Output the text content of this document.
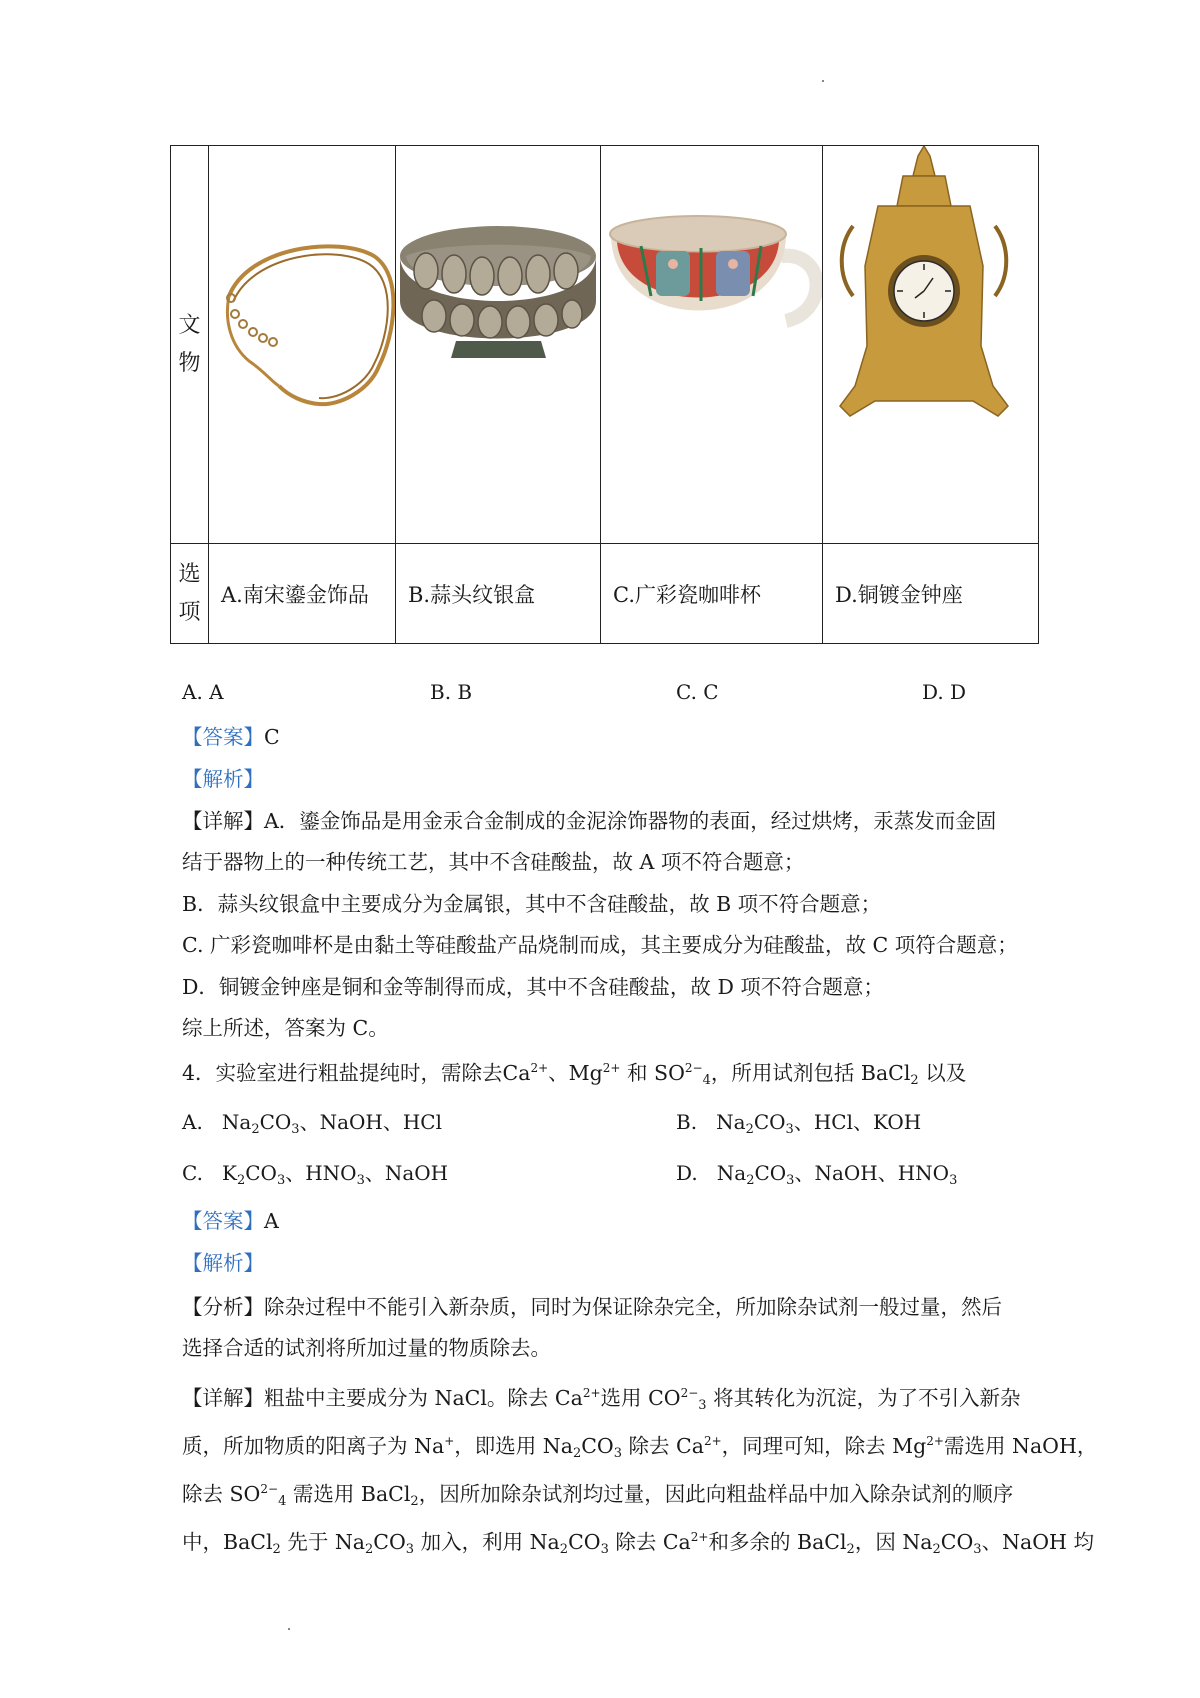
文
物

选
项	A.南宋鎏金饰品	B.蒜头纹银盒	C.广彩瓷咖啡杯	D.铜镀金钟座
A. A	B. B	C. C	D. D
【答案】C
【解析】
【详解】A．鎏金饰品是用金汞合金制成的金泥涂饰器物的表面，经过烘烤，汞蒸发而金固
结于器物上的一种传统工艺，其中不含硅酸盐，故 A 项不符合题意；
B．蒜头纹银盒中主要成分为金属银，其中不含硅酸盐，故 B 项不符合题意；
C. 广彩瓷咖啡杯是由黏土等硅酸盐产品烧制而成，其主要成分为硅酸盐，故 C 项符合题意；
D．铜镀金钟座是铜和金等制得而成，其中不含硅酸盐，故 D 项不符合题意；
综上所述，答案为 C。
4．实验室进行粗盐提纯时，需除去$Ca^{2+}$、$Mg^{2+}$ 和 $SO^{2-}_4$，所用试剂包括 BaCl$_2$ 以及
A.   $Na_2CO_3$、NaOH、HCl	B.   $Na_2CO_3$、HCl、KOH
C.   $K_2CO_3$、$HNO_3$、NaOH	D.   $Na_2CO_3$、NaOH、$HNO_3$
【答案】A
【解析】
【分析】除杂过程中不能引入新杂质，同时为保证除杂完全，所加除杂试剂一般过量，然后
选择合适的试剂将所加过量的物质除去。
【详解】粗盐中主要成分为 NaCl。除去 $Ca^{2+}$选用 $CO^{2-}_3$ 将其转化为沉淀，为了不引入新杂
质，所加物质的阳离子为 Na+，即选用 $Na_2CO_3$ 除去 $Ca^{2+}$，同理可知，除去 $Mg^{2+}$需选用 NaOH，
除去 $SO^{2-}_4$ 需选用 BaCl$_2$，因所加除杂试剂均过量，因此向粗盐样品中加入除杂试剂的顺序
中，BaCl$_2$ 先于 $Na_2CO_3$ 加入，利用 $Na_2CO_3$ 除去 $Ca^{2+}$和多余的 BaCl$_2$，因 $Na_2CO_3$、NaOH 均
